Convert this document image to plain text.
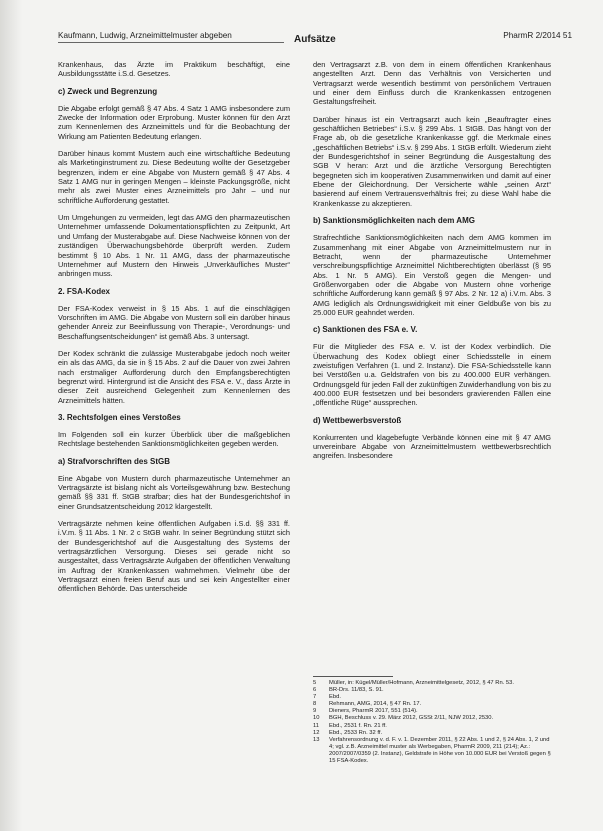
Kaufmann, Ludwig, Arzneimittelmuster abgeben	Aufsätze	PharmR 2/2014 51

Krankenhaus, das Ärzte im Praktikum beschäftigt, eine Ausbildungsstätte i.S.d. Gesetzes.

c) Zweck und Begrenzung

Die Abgabe erfolgt gemäß § 47 Abs. 4 Satz 1 AMG insbesondere zum Zwecke der Information oder Erprobung. Muster können für den Arzt zum Kennenlernen des Arzneimittels und für die Beobachtung der Wirkung am Patienten Bedeutung erlangen.

Darüber hinaus kommt Mustern auch eine wirtschaftliche Bedeutung als Marketinginstrument zu. Diese Bedeutung wollte der Gesetzgeber begrenzen, indem er eine Abgabe von Mustern gemäß § 47 Abs. 4 Satz 1 AMG nur in geringen Mengen – kleinste Packungsgröße, nicht mehr als zwei Muster eines Arzneimittels pro Jahr – und nur schriftliche Aufforderung gestattet.

Um Umgehungen zu vermeiden, legt das AMG den pharmazeutischen Unternehmer umfassende Dokumentationspflichten zu Zeitpunkt, Art und Umfang der Musterabgabe auf. Diese Nachweise können von der zuständigen Überwachungsbehörde überprüft werden. Zudem bestimmt § 10 Abs. 1 Nr. 11 AMG, dass der pharmazeutische Unternehmer auf Mustern den Hinweis „Unverkäufliches Muster“ anbringen muss.

2. FSA-Kodex

Der FSA-Kodex verweist in § 15 Abs. 1 auf die einschlägigen Vorschriften im AMG. Die Abgabe von Mustern soll ein darüber hinaus gehender Anreiz zur Beeinflussung von Therapie-, Verordnungs- und Beschaffungsentscheidungen“ ist gemäß Abs. 3 untersagt.

Der Kodex schränkt die zulässige Musterabgabe jedoch noch weiter ein als das AMG, da sie in § 15 Abs. 2 auf die Dauer von zwei Jahren nach erstmaliger Aufforderung durch den Empfangsberechtigten begrenzt wird. Hintergrund ist die Ansicht des FSA e. V., dass Ärzte in dieser Zeit ausreichend Gelegenheit zum Kennenlernen des Arzneimittels hätten.

3. Rechtsfolgen eines Verstoßes

Im Folgenden soll ein kurzer Überblick über die maßgeblichen Rechtslage bestehenden Sanktionsmöglichkeiten gegeben werden.

a) Strafvorschriften des StGB

Eine Abgabe von Mustern durch pharmazeutische Unternehmer an Vertragsärzte ist bislang nicht als Vorteilsgewährung bzw. Bestechung gemäß §§ 331 ff. StGB strafbar; dies hat der Bundesgerichtshof in einer Grundsatzentscheidung 2012 klargestellt.

Vertragsärzte nehmen keine öffentlichen Aufgaben i.S.d. §§ 331 ff. i.V.m. § 11 Abs. 1 Nr. 2 c StGB wahr. In seiner Begründung stützt sich der Bundesgerichtshof auf die Ausgestaltung des Systems der vertragsärztlichen Versorgung. Dieses sei gerade nicht so ausgestaltet, dass Vertragsärzte Aufgaben der öffentlichen Verwaltung im Auftrag der Krankenkassen wahrnehmen. Vielmehr übe der Vertragsarzt einen freien Beruf aus und sei kein Angestellter einer öffentlichen Behörde. Das unterscheide

den Vertragsarzt z.B. von dem in einem öffentlichen Krankenhaus angestellten Arzt. Denn das Verhältnis von Versicherten und Vertragsarzt werde wesentlich bestimmt von persönlichem Vertrauen und einer dem Einfluss durch die Krankenkassen entzogenen Gestaltungsfreiheit.

Darüber hinaus ist ein Vertragsarzt auch kein „Beauftragter eines geschäftlichen Betriebes“ i.S.v. § 299 Abs. 1 StGB. Das hängt von der Frage ab, ob die gesetzliche Krankenkasse ggf. die Merkmale eines „geschäftlichen Betriebs“ i.S.v. § 299 Abs. 1 StGB erfüllt. Wiederum zieht der Bundesgerichtshof in seiner Begründung die Ausgestaltung des SGB V heran: Arzt und die ärztliche Versorgung Berechtigten begegneten sich im kooperativen Zusammenwirken und damit auf einer Ebene der Gleichordnung. Der Versicherte wähle „seinen Arzt“ basierend auf einem Vertrauensverhältnis frei; zu diese Wahl habe die Krankenkasse zu akzeptieren.

b) Sanktionsmöglichkeiten nach dem AMG

Strafrechtliche Sanktionsmöglichkeiten nach dem AMG kommen im Zusammenhang mit einer Abgabe von Arzneimittelmustern nur in Betracht, wenn der pharmazeutische Unternehmer verschreibungspflichtige Arzneimittel Nichtberechtigten überlässt (§ 95 Abs. 1 Nr. 5 AMG). Ein Verstoß gegen die Mengen- und Größenvorgaben oder die Abgabe von Mustern ohne vorherige schriftliche Aufforderung kann gemäß § 97 Abs. 2 Nr. 12 a) i.V.m. Abs. 3 AMG lediglich als Ordnungswidrigkeit mit einer Geldbuße von bis zu 25.000 EUR geahndet werden.

c) Sanktionen des FSA e. V.

Für die Mitglieder des FSA e. V. ist der Kodex verbindlich. Die Überwachung des Kodex obliegt einer Schiedsstelle in einem zweistufigen Verfahren (1. und 2. Instanz). Die FSA-Schiedsstelle kann bei Verstößen u.a. Geldstrafen von bis zu 400.000 EUR verhängen. Ordnungsgeld für jeden Fall der zukünftigen Zuwiderhandlung von bis zu 400.000 EUR festsetzen und bei besonders gravierenden Fällen eine „öffentliche Rüge“ aussprechen.

d) Wettbewerbsverstoß

Konkurrenten und klagebefugte Verbände können eine mit § 47 AMG unvereinbare Abgabe von Arzneimittelmustern wettbewerbsrechtlich angreifen. Insbesondere

5	Müller, in: Kügel/Müller/Hofmann, Arzneimittelgesetz, 2012, § 47 Rn. 53.
6	BR-Drs. 11/83, S. 91.
7	Ebd.
8	Rehmann, AMG, 2014, § 47 Rn. 17.
9	Dieners, PharmR 2017, 551 (514).
10	BGH, Beschluss v. 29. März 2012, GSSt 2/11, NJW 2012, 2530.
11	Ebd., 2531 f. Rn. 21 ff.
12	Ebd., 2533 Rn. 32 ff.
13	Verfahrensordnung v. d. F. v. 1. Dezember 2011, § 22 Abs. 1 und 2, § 24 Abs. 1, 2 und 4; vgl. z.B. Arzneimittel muster als Werbegaben, PharmR 2009, 211 (214); Az.: 2007/2007/0359 (2. Instanz), Geldstrafe in Höhe von 10.000 EUR bei Verstoß gegen § 15 FSA-Kodex.
